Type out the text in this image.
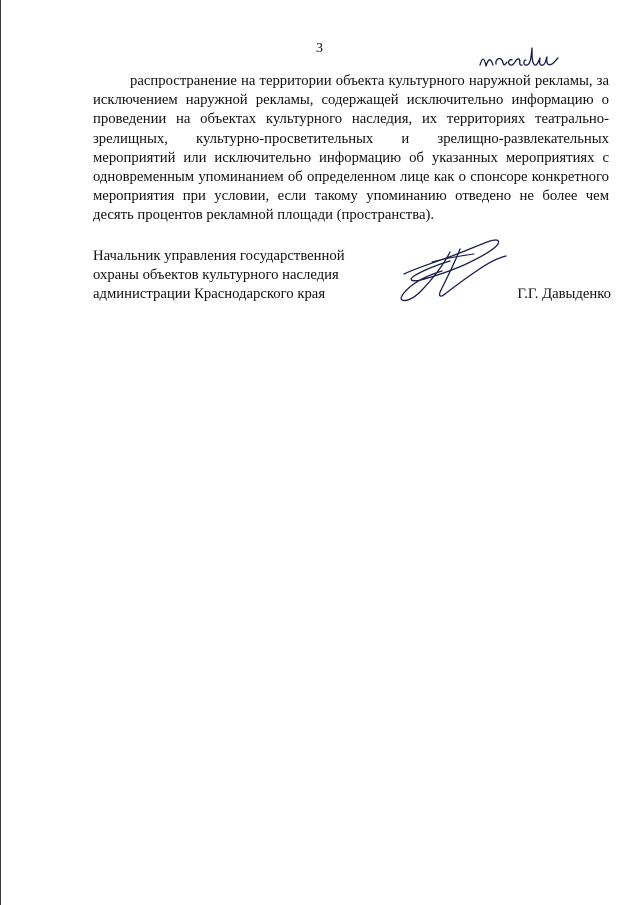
3

распространение на территории объекта культурного наружной рекламы, за исключением наружной рекламы, содержащей исключительно информацию о проведении на объектах культурного наследия, их территориях театрально-зрелищных, культурно-просветительных и зрелищно-развлекательных мероприятий или исключительно информацию об указанных мероприятиях с одновременным упоминанием об определенном лице как о спонсоре конкретного мероприятия при условии, если такому упоминанию отведено не более чем десять процентов рекламной площади (пространства).

Начальник управления государственной
охраны объектов культурного наследия
администрации Краснодарского края	Г.Г. Давыденко
